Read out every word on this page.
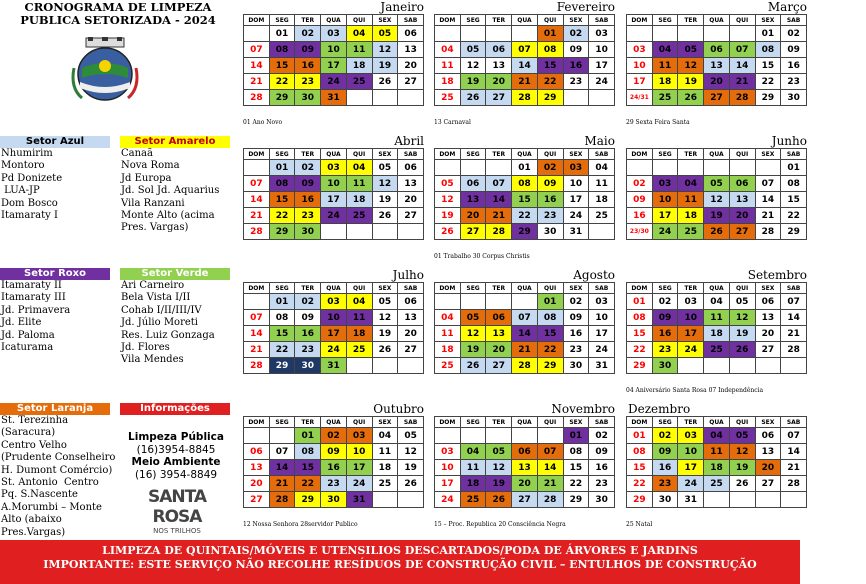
CRONOGRAMA DE LIMPEZA
PUBLICA SETORIZADA - 2024
Setor Azul
Nhumirim
Montoro
Pd Donizete
LUA-JP
Dom Bosco
Itamaraty I
Setor Amarelo
Canaã
Nova Roma
Jd Europa
Jd. Sol Jd. Aquarius
Vila Ranzani
Monte Alto (acima
Pres. Vargas)
Setor Roxo
Itamaraty II
Itamaraty III
Jd. Primavera
Jd. Elite
Jd. Paloma
Icaturama
Setor Verde
Ari Carneiro
Bela Vista I/II
Cohab I/II/III/IV
Jd. Júlio Moreti
Res. Luiz Gonzaga
Jd. Flores
Vila Mendes
Setor Laranja
St. Terezinha
(Saracura)
Centro Velho
(Prudente Conselheiro
H. Dumont Comércio)
St. Antonio  Centro
Pq. S.Nascente
A.Morumbi – Monte
Alto (abaixo
Pres.Vargas)
Informações
Limpeza Pública
(16)3954-8845
Meio Ambiente
(16) 3954-8849
SANTA ROSA
NOS TRILHOS
Janeiro
DOM	SEG	TER	QUA	QUI	SEX	SAB
	01	02	03	04	05	06
07	08	09	10	11	12	13
14	15	16	17	18	19	20
21	22	23	24	25	26	27
28	29	30	31			
01 Ano Novo
Fevereiro
DOM	SEG	TER	QUA	QUI	SEX	SAB
				01	02	03
04	05	06	07	08	09	10
11	12	13	14	15	16	17
18	19	20	21	22	23	24
25	26	27	28	29		
13 Carnaval
Março
DOM	SEG	TER	QUA	QUI	SEX	SAB
					01	02
03	04	05	06	07	08	09
10	11	12	13	14	15	16
17	18	19	20	21	22	23
24/31	25	26	27	28	29	30
29 Sexta Feira Santa
Abril
DOM	SEG	TER	QUA	QUI	SEX	SAB
	01	02	03	04	05	06
07	08	09	10	11	12	13
14	15	16	17	18	19	20
21	22	23	24	25	26	27
28	29	30				
Maio
DOM	SEG	TER	QUA	QUI	SEX	SAB
			01	02	03	04
05	06	07	08	09	10	11
12	13	14	15	16	17	18
19	20	21	22	23	24	25
26	27	28	29	30	31	
01 Trabalho 30 Corpus Christis
Junho
DOM	SEG	TER	QUA	QUI	SEX	SAB
						01
02	03	04	05	06	07	08
09	10	11	12	13	14	15
16	17	18	19	20	21	22
23/30	24	25	26	27	28	29
Julho
DOM	SEG	TER	QUA	QUI	SEX	SAB
	01	02	03	04	05	06
07	08	09	10	11	12	13
14	15	16	17	18	19	20
21	22	23	24	25	26	27
28	29	30	31			
Agosto
DOM	SEG	TER	QUA	QUI	SEX	SAB
				01	02	03
04	05	06	07	08	09	10
11	12	13	14	15	16	17
18	19	20	21	22	23	24
25	26	27	28	29	30	31
Setembro
DOM	SEG	TER	QUA	QUI	SEX	SAB
01	02	03	04	05	06	07
08	09	10	11	12	13	14
15	16	17	18	19	20	21
22	23	24	25	26	27	28
29	30					
04 Aniversário Santa Rosa 07 Independência
Outubro
DOM	SEG	TER	QUA	QUI	SEX	SAB
		01	02	03	04	05
06	07	08	09	10	11	12
13	14	15	16	17	18	19
20	21	22	23	24	25	26
27	28	29	30	31		
12 Nossa Senhora 28servidor Publico
Novembro
DOM	SEG	TER	QUA	QUI	SEX	SAB
					01	02
03	04	05	06	07	08	09
10	11	12	13	14	15	16
17	18	19	20	21	22	23
24	25	26	27	28	29	30
15 – Proc. Republica 20 Consciência Negra
Dezembro
DOM	SEG	TER	QUA	QUI	SEX	SAB
01	02	03	04	05	06	07
08	09	10	11	12	13	14
15	16	17	18	19	20	21
22	23	24	25	26	27	28
29	30	31				
25 Natal
LIMPEZA DE QUINTAIS/MÓVEIS E UTENSILIOS DESCARTADOS/PODA DE ÁRVORES E JARDINS
IMPORTANTE: ESTE SERVIÇO NÃO RECOLHE RESÍDUOS DE CONSTRUÇÃO CIVIL – ENTULHOS DE CONSTRUÇÃO
